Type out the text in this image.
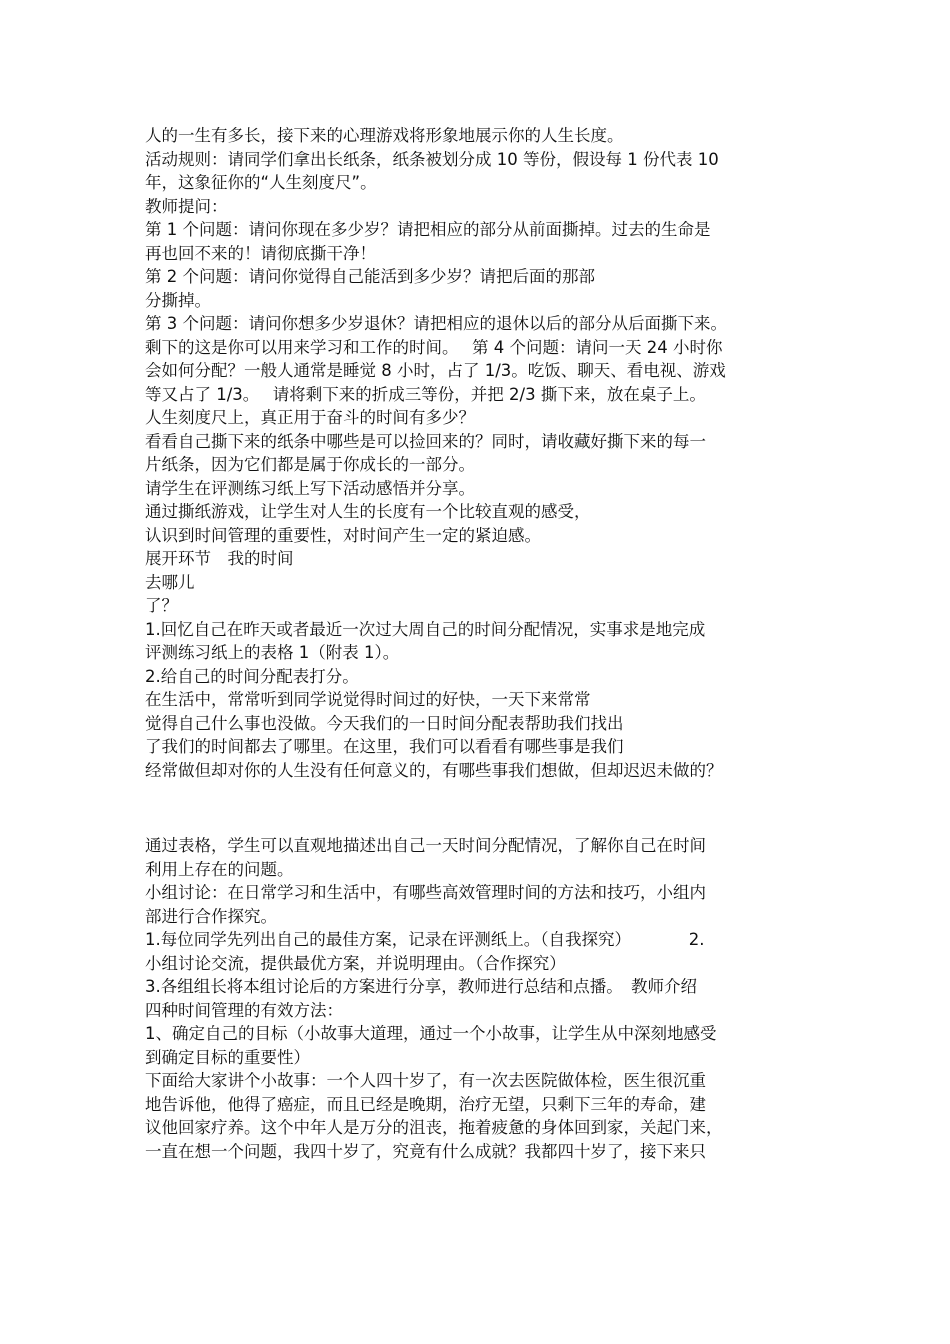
人的一生有多长，接下来的心理游戏将形象地展示你的人生长度。
活动规则：请同学们拿出长纸条，纸条被划分成 10 等份，假设每 1 份代表 10
年，这象征你的“人生刻度尺”。
教师提问：
第 1 个问题：请问你现在多少岁？请把相应的部分从前面撕掉。过去的生命是
再也回不来的！请彻底撕干净！
第 2 个问题：请问你觉得自己能活到多少岁？请把后面的那部
分撕掉。
第 3 个问题：请问你想多少岁退休？请把相应的退休以后的部分从后面撕下来。
剩下的这是你可以用来学习和工作的时间。　 第 4 个问题：请问一天 24 小时你
会如何分配？一般人通常是睡觉 8 小时，占了 1/3。吃饭、聊天、看电视、游戏
等又占了 1/3。　 请将剩下来的折成三等份，并把 2/3 撕下来，放在桌子上。
人生刻度尺上，真正用于奋斗的时间有多少？
看看自己撕下来的纸条中哪些是可以捡回来的？同时，请收藏好撕下来的每一
片纸条，因为它们都是属于你成长的一部分。
请学生在评测练习纸上写下活动感悟并分享。
通过撕纸游戏，让学生对人生的长度有一个比较直观的感受，
认识到时间管理的重要性，对时间产生一定的紧迫感。
展开环节　我的时间
去哪儿
了？
1.回忆自己在昨天或者最近一次过大周自己的时间分配情况，实事求是地完成
评测练习纸上的表格 1（附表 1）。
2.给自己的时间分配表打分。
在生活中，常常听到同学说觉得时间过的好快，一天下来常常
觉得自己什么事也没做。今天我们的一日时间分配表帮助我们找出
了我们的时间都去了哪里。在这里，我们可以看看有哪些事是我们
经常做但却对你的人生没有任何意义的，有哪些事我们想做，但却迟迟未做的？
通过表格，学生可以直观地描述出自己一天时间分配情况，了解你自己在时间
利用上存在的问题。
小组讨论：在日常学习和生活中，有哪些高效管理时间的方法和技巧，小组内
部进行合作探究。
1.每位同学先列出自己的最佳方案，记录在评测纸上。（自我探究）　　　　2.
小组讨论交流，提供最优方案，并说明理由。（合作探究）
3.各组组长将本组讨论后的方案进行分享，教师进行总结和点播。　教师介绍
四种时间管理的有效方法：
1、确定自己的目标（小故事大道理，通过一个小故事，让学生从中深刻地感受
到确定目标的重要性）
下面给大家讲个小故事：一个人四十岁了，有一次去医院做体检，医生很沉重
地告诉他，他得了癌症，而且已经是晚期，治疗无望，只剩下三年的寿命，建
议他回家疗养。这个中年人是万分的沮丧，拖着疲惫的身体回到家，关起门来，
一直在想一个问题，我四十岁了，究竟有什么成就？我都四十岁了，接下来只
